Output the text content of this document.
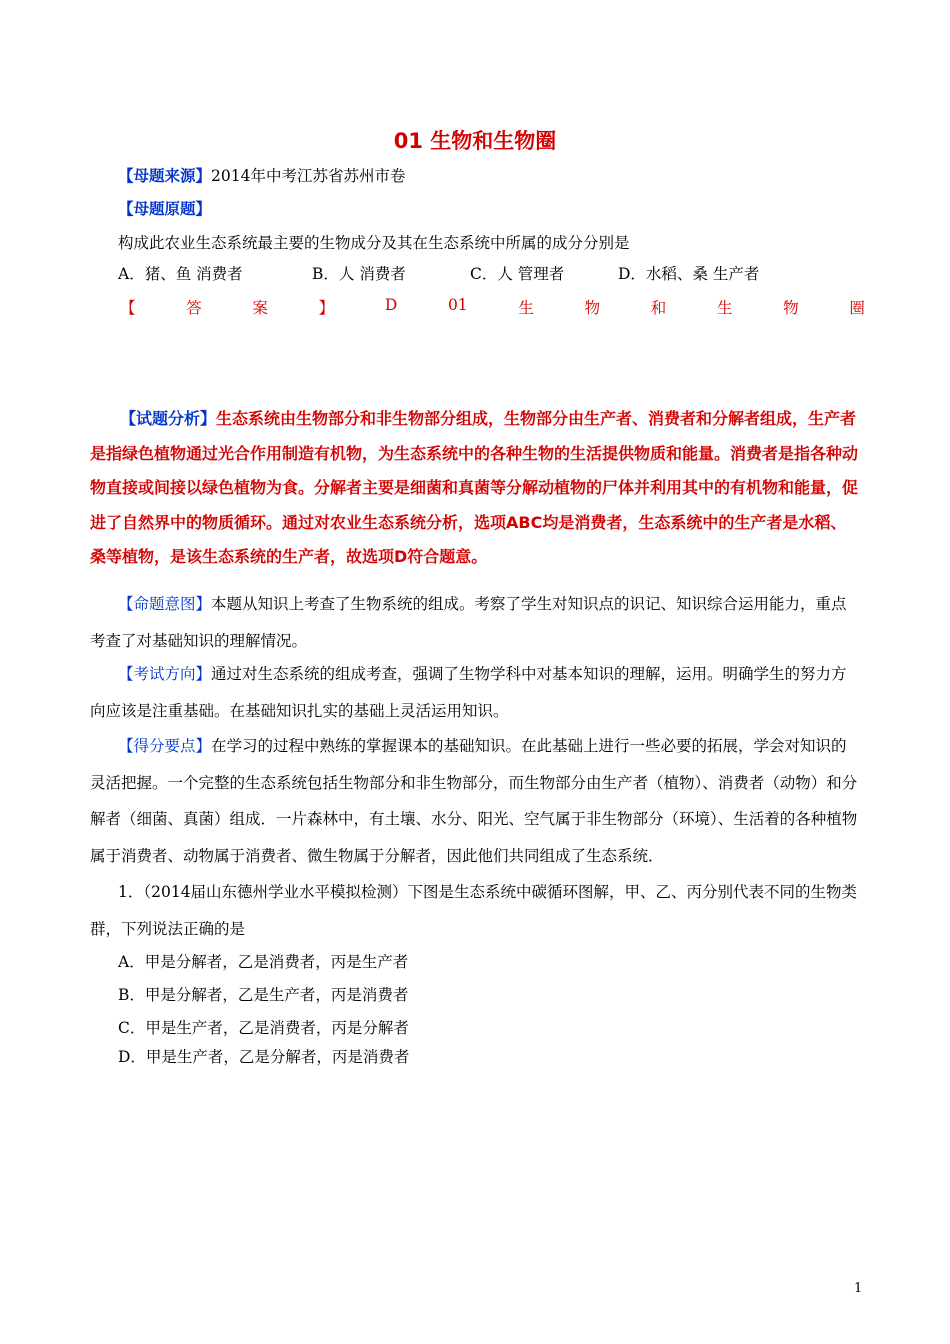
01 生物和生物圈
【母题来源】2014年中考江苏省苏州市卷
【母题原题】
构成此农业生态系统最主要的生物成分及其在生态系统中所属的成分分别是
A．猪、鱼 消费者	B．人 消费者	C．人 管理者	D．水稻、桑 生产者
【	答	案	】	D	01	生	物	和	生	物	圈
【试题分析】生态系统由生物部分和非生物部分组成，生物部分由生产者、消费者和分解者组成，生产者是指绿色植物通过光合作用制造有机物，为生态系统中的各种生物的生活提供物质和能量。消费者是指各种动物直接或间接以绿色植物为食。分解者主要是细菌和真菌等分解动植物的尸体并利用其中的有机物和能量，促进了自然界中的物质循环。通过对农业生态系统分析，选项ABC均是消费者，生态系统中的生产者是水稻、桑等植物，是该生态系统的生产者，故选项D符合题意。
【命题意图】本题从知识上考查了生物系统的组成。考察了学生对知识点的识记、知识综合运用能力，重点考查了对基础知识的理解情况。
【考试方向】通过对生态系统的组成考查，强调了生物学科中对基本知识的理解，运用。明确学生的努力方向应该是注重基础。在基础知识扎实的基础上灵活运用知识。
【得分要点】在学习的过程中熟练的掌握课本的基础知识。在此基础上进行一些必要的拓展，学会对知识的灵活把握。一个完整的生态系统包括生物部分和非生物部分，而生物部分由生产者（植物）、消费者（动物）和分解者（细菌、真菌）组成．一片森林中，有土壤、水分、阳光、空气属于非生物部分（环境）、生活着的各种植物属于消费者、动物属于消费者、微生物属于分解者，因此他们共同组成了生态系统．
1．（2014届山东德州学业水平模拟检测）下图是生态系统中碳循环图解，甲、乙、丙分别代表不同的生物类群，下列说法正确的是
A．甲是分解者，乙是消费者，丙是生产者
B．甲是分解者，乙是生产者，丙是消费者
C．甲是生产者，乙是消费者，丙是分解者
D．甲是生产者，乙是分解者，丙是消费者
1
